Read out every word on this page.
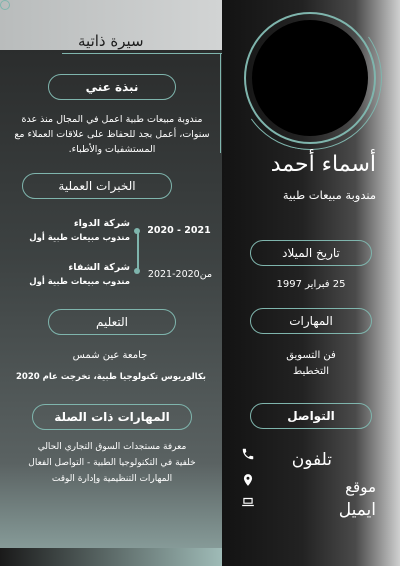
سيرة ذاتية
أسماء أحمد
مندوبة مبيعات طبية
نبذة عني
مندوبة مبيعات طبية اعمل في المجال منذ عدة سنوات، أعمل بجد للحفاظ على علاقات العملاء مع المستشفيات والأطباء.
الخبرات العملية
شركة الدواء
مندوب مبيعات طبية أول
2020 - 2021
شركة الشفاء
مندوب مبيعات طبية أول
من2020-2021
التعليم
جامعة عين شمس
بكالوريوس تكنولوجيا طبية، تخرجت عام 2020
المهارات ذات الصلة
معرفة مستجدات السوق التجاري الحالي
خلفية في التكنولوجيا الطبية - التواصل الفعال
المهارات التنظيمية وإدارة الوقت
تاريخ الميلاد
25 فبراير 1997
المهارات
فن التسويق
التخطيط
التواصل
تلفون
موقع
ايميل
